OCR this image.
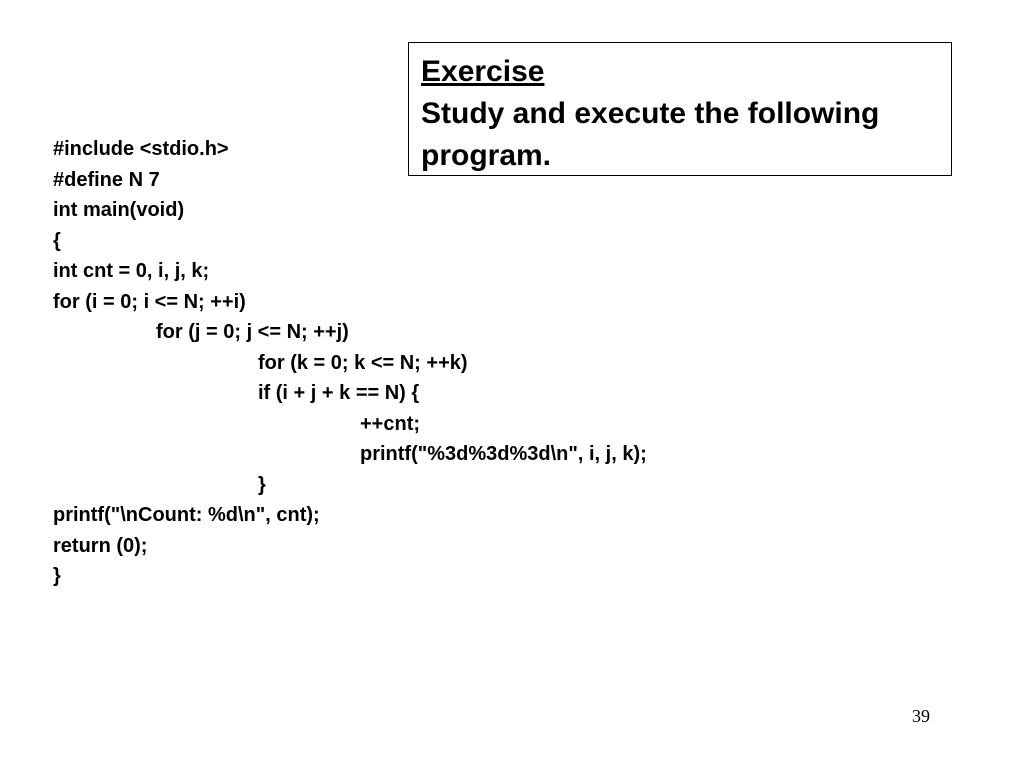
Exercise
Study and execute the following program.
#include <stdio.h>
#define N 7
int main(void)
{
int cnt = 0, i, j, k;
for (i = 0; i <= N; ++i)
for (j = 0; j <= N; ++j)
for (k = 0; k <= N; ++k)
if (i + j + k == N) {
++cnt;
printf("%3d%3d%3d\n", i, j, k);
}
printf("\nCount: %d\n", cnt);
return (0);
}
39
